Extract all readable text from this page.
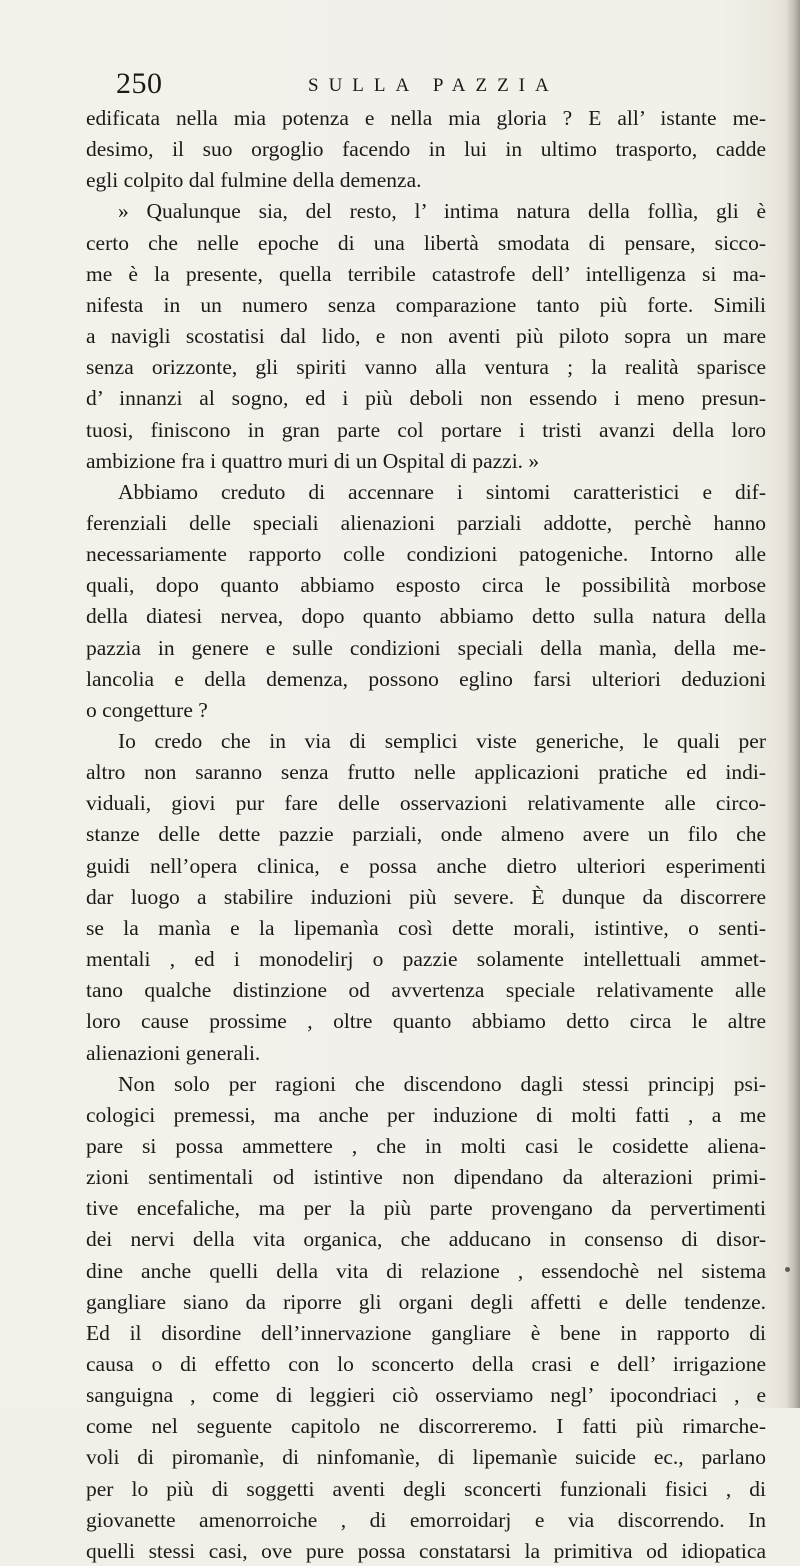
250	SULLA PAZZIA
edificata nella mia potenza e nella mia gloria ? E all’ istante me-
desimo, il suo orgoglio facendo in lui in ultimo trasporto, cadde
egli colpito dal fulmine della demenza.
» Qualunque sia, del resto, l’ intima natura della follìa, gli è
certo che nelle epoche di una libertà smodata di pensare, sicco-
me è la presente, quella terribile catastrofe dell’ intelligenza si ma-
nifesta in un numero senza comparazione tanto più forte. Simili
a navigli scostatisi dal lido, e non aventi più piloto sopra un mare
senza orizzonte, gli spiriti vanno alla ventura ; la realità sparisce
d’ innanzi al sogno, ed i più deboli non essendo i meno presun-
tuosi, finiscono in gran parte col portare i tristi avanzi della loro
ambizione fra i quattro muri di un Ospital di pazzi. »
Abbiamo creduto di accennare i sintomi caratteristici e dif-
ferenziali delle speciali alienazioni parziali addotte, perchè hanno
necessariamente rapporto colle condizioni patogeniche. Intorno alle
quali, dopo quanto abbiamo esposto circa le possibilità morbose
della diatesi nervea, dopo quanto abbiamo detto sulla natura della
pazzia in genere e sulle condizioni speciali della manìa, della me-
lancolia e della demenza, possono eglino farsi ulteriori deduzioni
o congetture ?
Io credo che in via di semplici viste generiche, le quali per
altro non saranno senza frutto nelle applicazioni pratiche ed indi-
viduali, giovi pur fare delle osservazioni relativamente alle circo-
stanze delle dette pazzie parziali, onde almeno avere un filo che
guidi nell’opera clinica, e possa anche dietro ulteriori esperimenti
dar luogo a stabilire induzioni più severe. È dunque da discorrere
se la manìa e la lipemanìa così dette morali, istintive, o senti-
mentali , ed i monodelirj o pazzie solamente intellettuali ammet-
tano qualche distinzione od avvertenza speciale relativamente alle
loro cause prossime , oltre quanto abbiamo detto circa le altre
alienazioni generali.
Non solo per ragioni che discendono dagli stessi principj psi-
cologici premessi, ma anche per induzione di molti fatti , a me
pare si possa ammettere , che in molti casi le cosidette aliena-
zioni sentimentali od istintive non dipendano da alterazioni primi-
tive encefaliche, ma per la più parte provengano da pervertimenti
dei nervi della vita organica, che adducano in consenso di disor-
dine anche quelli della vita di relazione , essendochè nel sistema
gangliare siano da riporre gli organi degli affetti e delle tendenze.
Ed il disordine dell’innervazione gangliare è bene in rapporto di
causa o di effetto con lo sconcerto della crasi e dell’ irrigazione
sanguigna , come di leggieri ciò osserviamo negl’ ipocondriaci , e
come nel seguente capitolo ne discorreremo. I fatti più rimarche-
voli di piromanìe, di ninfomanìe, di lipemanìe suicide ec., parlano
per lo più di soggetti aventi degli sconcerti funzionali fisici , di
giovanette amenorroiche , di emorroidarj e via discorrendo. In
quelli stessi casi, ove pure possa constatarsi la primitiva od idiopatica
